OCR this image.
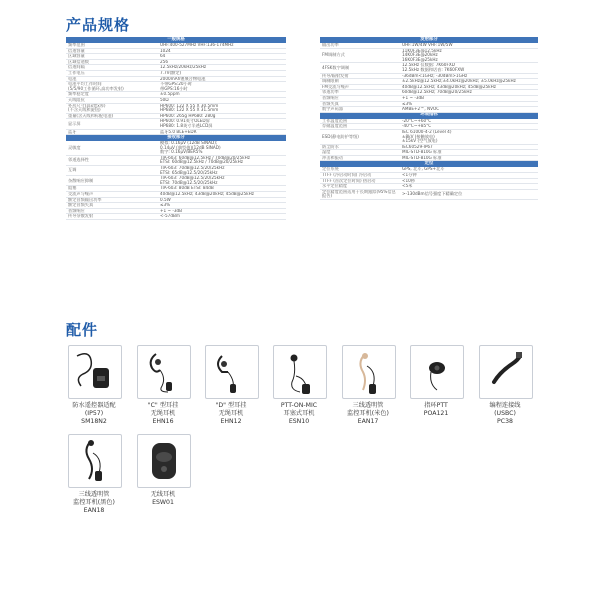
产品规格
一般规格	
频率范围	UHF:400-527MHz VHF:136-174MHz
信道容量	1024
区域容量	64
区域信道数	256
信道间隔	12.5kHz/20kHz/25kHz
工作电压	7.7V(额定)
电池	2000mAh锂聚合物电池
电池平均工作时间
(5/5/90工作循环,高功率发射)	不带GPS:20小时
带GPS:16小时
频率稳定度	±0.5ppm
天线阻抗	50Ω
外形尺寸(高x宽x厚)
(不含天线和旋钮)	HP600: 122 X 55 X 30.5mm
HP680: 122 X 55 X 31.5mm
重量(含天线和标配电池)	HP600: 265g HP680: 280g
显示屏	HP600: 0.91英寸OLED屏
HP680: 1.8英寸半透LCD屏
蓝牙	蓝牙5.0 BLE+EDR
接收部分	
灵敏度	模拟: 0.16μV (12dB SINAD);
0.14μV (典型值)(12dB SINAD)
数字: 0.16μV/BER5%
邻道选择性	TIA-603: 60dB@12.5kHz / 70dB@20/25kHz
ETSI: 60dB@12.5kHz / 70dB@20/25kHz
互调	TIA-603: 70dB@12.5/20/25kHz
ETSI: 65dB@12.5/20/25kHz
杂散响应抑制	TIA-603: 70dB@12.5/20/25kHz
ETSI: 70dB@12.5/20/25kHz
阻塞	TIA-603: 80dB ETSI: 84dB
交流声与噪声	40dB@12.5kHz; 43dB@20kHz; 45dB@25kHz
额定音频输出功率	0.5W
额定音频失真	≤3%
音频响应	+1 ~ -3dB
传导杂散发射	<-57dBm
发射部分	
输出功率	UHF:1W/4W VHF:1W/5W
FM调制方式	11K0F3E@12.5kHz
14K0F3E@20kHz
16K0F3E@25kHz
4FSK数字调制	12.5kHz 仅数据: 7K60FXD
12.5kHz 数据和话音: 7K60FXW
传导/辐射发射	-36dBm<1GHz; -30dBm>1GHz
调制限制	±2.5kHz@12.5kHz;±4.0kHz@20kHz; ±5.0kHz@25kHz
FM交流与噪声	40dB@12.5kHz; 43dB@20kHz; 45dB@25kHz
邻道功率	60dB@12.5kHz; 70dB@20/25kHz
音频响应	+1 ~ -3dB
音频失真	≤3%
数字声码器	AMBE+2™, NVOC
环境指标	
工作温度范围	-20°C~+60°C
存储温度范围	-40°C~+85°C
ESD(静电防护等级)	IEC 61000-4-2 (Level 4)
±8kV (接触放电)
±15kV (空气放电)
防尘防水	IEC60529-IP67
湿度	MIL-STD-810G 标准
冲击和振动	MIL-STD-810G 标准
定位	
定位系统	GPS, 北斗, GPS+北斗
TTFF (冷启动时间) 冷启动	<1分钟
TTFF (首次定位时间) 热启动	<10秒
水平定位精度	<5米
定位精度范围适用于长期跟踪(95%信息报告)	>-130dBm信号强度下精确定位
配件
防水遥控器适配
(IP57)
SM18N2
"C" 型耳挂
无绳耳机
EHN16
"D" 型耳挂
无绳耳机
EHN12
PTT-ON-MIC
耳塞式耳机
ESN10
三线透明管
监控耳机(米色)
EAN17
指环PTT
POA121
编程连接线
(USBC)
PC38
三线透明管
监控耳机(黑色)
EAN18
无线耳机
ESW01
